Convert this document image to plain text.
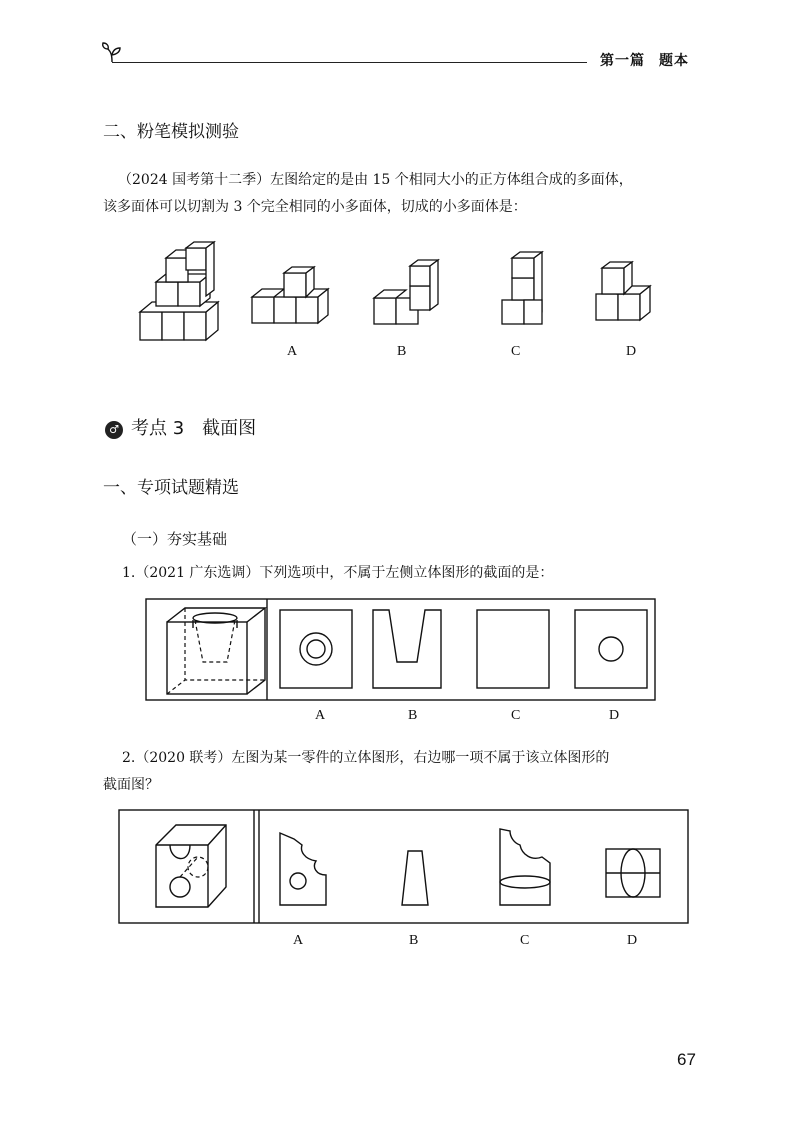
第一篇 题本
二、粉笔模拟测验
（2024 国考第十二季）左图给定的是由 15 个相同大小的正方体组合成的多面体，
该多面体可以切割为 3 个完全相同的小多面体，切成的小多面体是：
A	B	C	D
♂ 考点 3　截面图
一、专项试题精选
（一）夯实基础
1.（2021 广东选调）下列选项中，不属于左侧立体图形的截面的是：
A	B	C	D
2.（2020 联考）左图为某一零件的立体图形，右边哪一项不属于该立体图形的
截面图？
A	B	C	D
67
